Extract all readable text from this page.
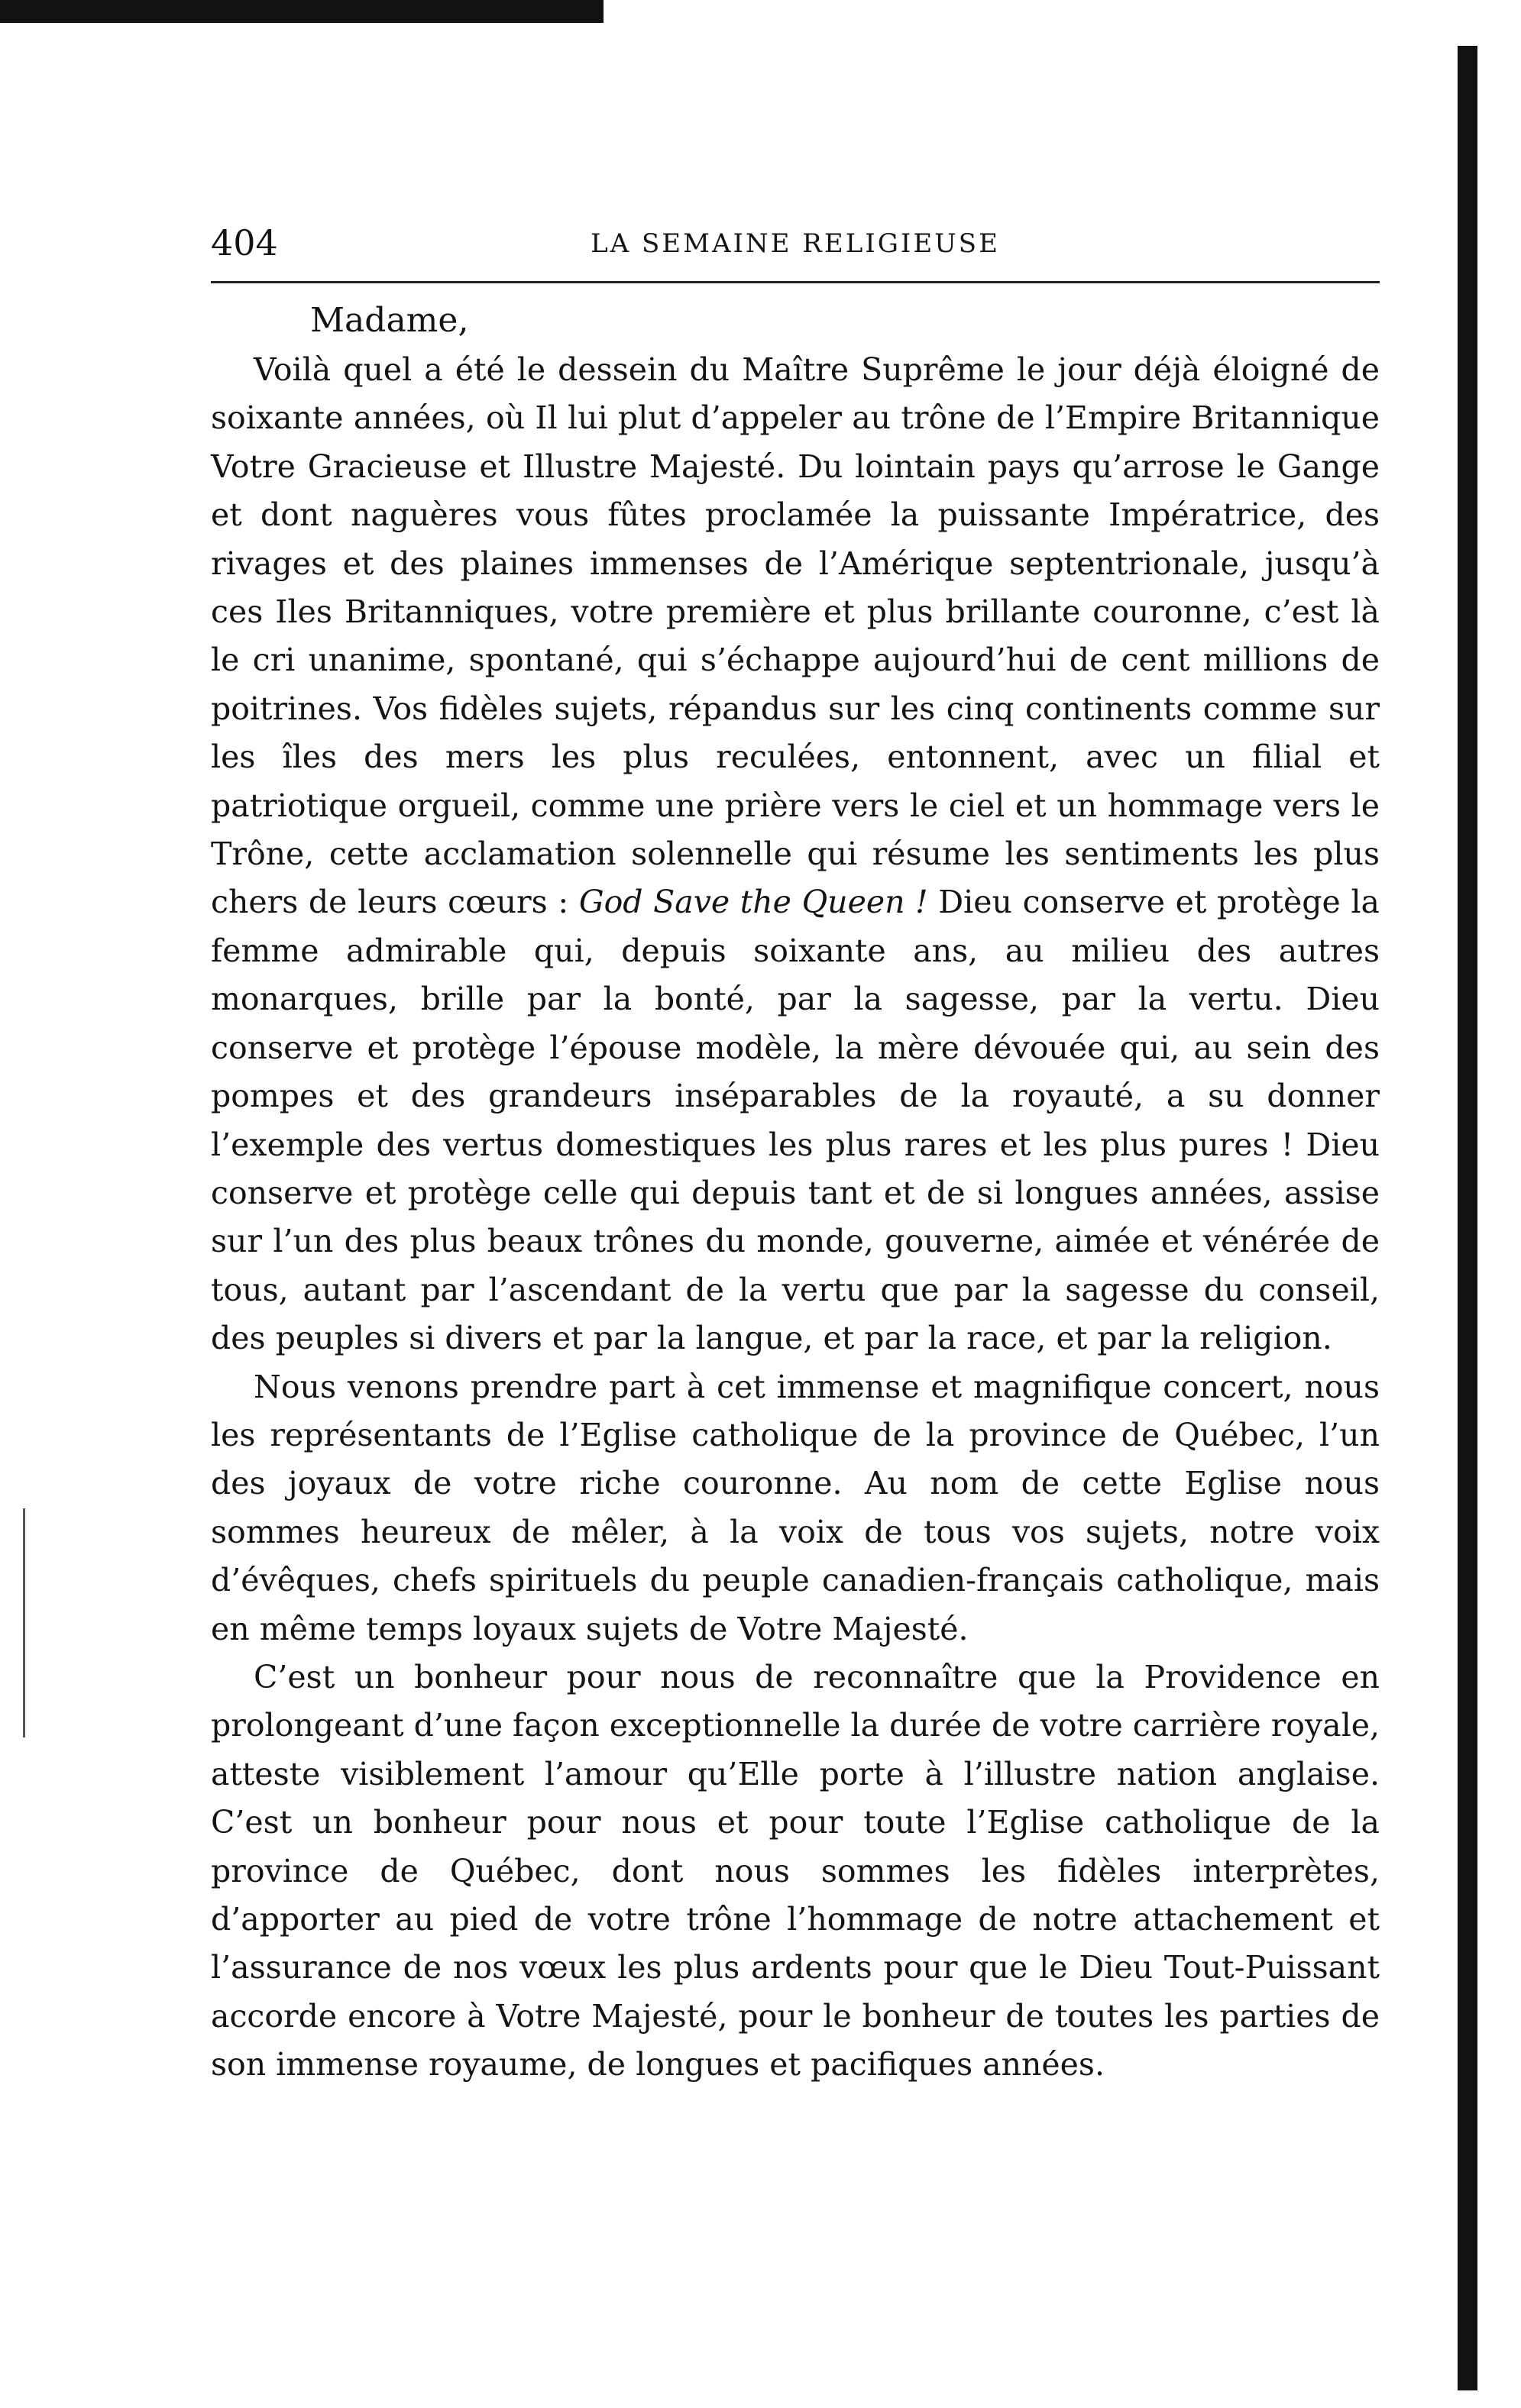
404	LA SEMAINE RELIGIEUSE
Madame,

Voilà quel a été le dessein du Maître Suprême le jour déjà éloigné de soixante années, où Il lui plut d’appeler au trône de l’Empire Britannique Votre Gracieuse et Illustre Majesté. Du lointain pays qu’arrose le Gange et dont naguères vous fûtes proclamée la puissante Impératrice, des rivages et des plaines immenses de l’Amérique septentrionale, jusqu’à ces Iles Britanniques, votre première et plus brillante couronne, c’est là le cri unanime, spontané, qui s’échappe aujourd’hui de cent millions de poitrines. Vos fidèles sujets, répandus sur les cinq continents comme sur les îles des mers les plus reculées, entonnent, avec un filial et patriotique orgueil, comme une prière vers le ciel et un hommage vers le Trône, cette acclamation solennelle qui résume les sentiments les plus chers de leurs cœurs : God Save the Queen ! Dieu conserve et protège la femme admirable qui, depuis soixante ans, au milieu des autres monarques, brille par la bonté, par la sagesse, par la vertu. Dieu conserve et protège l’épouse modèle, la mère dévouée qui, au sein des pompes et des grandeurs inséparables de la royauté, a su donner l’exemple des vertus domestiques les plus rares et les plus pures ! Dieu conserve et protège celle qui depuis tant et de si longues années, assise sur l’un des plus beaux trônes du monde, gouverne, aimée et vénérée de tous, autant par l’ascendant de la vertu que par la sagesse du conseil, des peuples si divers et par la langue, et par la race, et par la religion.

Nous venons prendre part à cet immense et magnifique concert, nous les représentants de l’Eglise catholique de la province de Québec, l’un des joyaux de votre riche couronne. Au nom de cette Eglise nous sommes heureux de mêler, à la voix de tous vos sujets, notre voix d’évêques, chefs spirituels du peuple canadien-français catholique, mais en même temps loyaux sujets de Votre Majesté.

C’est un bonheur pour nous de reconnaître que la Providence en prolongeant d’une façon exceptionnelle la durée de votre carrière royale, atteste visiblement l’amour qu’Elle porte à l’illustre nation anglaise. C’est un bonheur pour nous et pour toute l’Eglise catholique de la province de Québec, dont nous sommes les fidèles interprètes, d’apporter au pied de votre trône l’hommage de notre attachement et l’assurance de nos vœux les plus ardents pour que le Dieu Tout-Puissant accorde encore à Votre Majesté, pour le bonheur de toutes les parties de son immense royaume, de longues et pacifiques années.
